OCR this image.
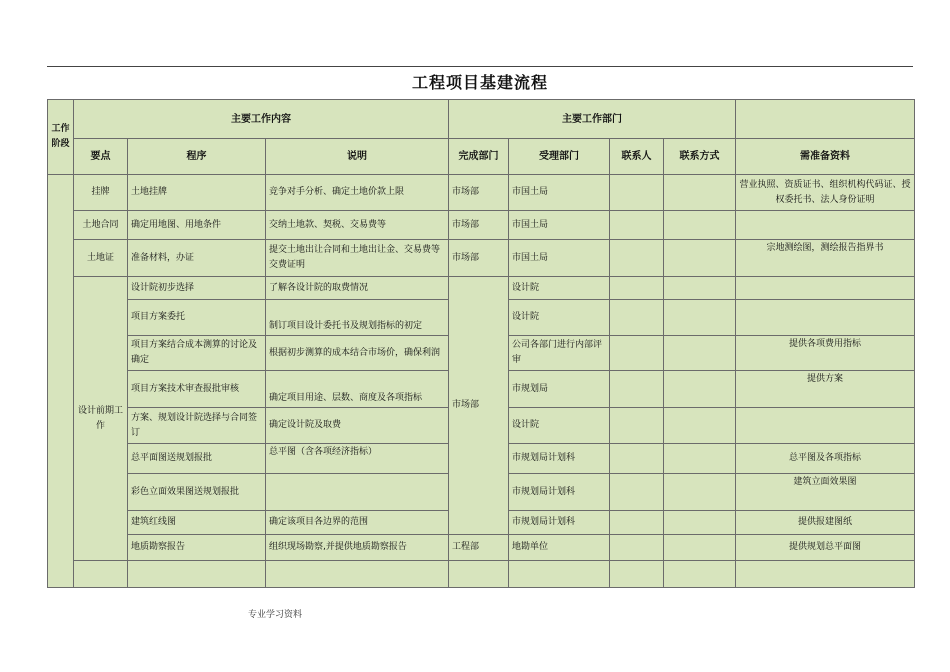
工程项目基建流程
工作阶段	主要工作内容			主要工作部门				
	要点	程序	说明	完成部门	受理部门	联系人	联系方式	需准备资料
	挂牌	土地挂牌	竞争对手分析、确定土地价款上限	市场部	市国土局			营业执照、资质证书、组织机构代码证、授权委托书、法人身份证明
	土地合同	确定用地图、用地条件	交纳土地款、契税、交易费等	市场部	市国土局			
	土地证	准备材料，办证	提交土地出让合同和土地出让金、交易费等交费证明	市场部	市国土局			宗地测绘图，测绘报告指界书
	设计前期工作	设计院初步选择	了解各设计院的取费情况	市场部	设计院			
		项目方案委托	制订项目设计委托书及规划指标的初定		设计院			
		项目方案结合成本测算的讨论及确定	根据初步测算的成本结合市场价，确保利润		公司各部门进行内部评审			提供各项费用指标
		项目方案技术审查报批审核	确定项目用途、层数、商度及各项指标		市规划局			提供方案
		方案、规划设计院选择与合同签订	确定设计院及取费		设计院			
		总平面图送规划报批	总平图（含各项经济指标）		市规划局计划科			总平图及各项指标
		彩色立面效果图送规划报批			市规划局计划科			建筑立面效果图
		建筑红线图	确定该项目各边界的范围		市规划局计划科			提供报建图纸
		地质勘察报告	组织现场勘察,并提供地质勘察报告	工程部	地勘单位			提供规划总平面图

专业学习资料
